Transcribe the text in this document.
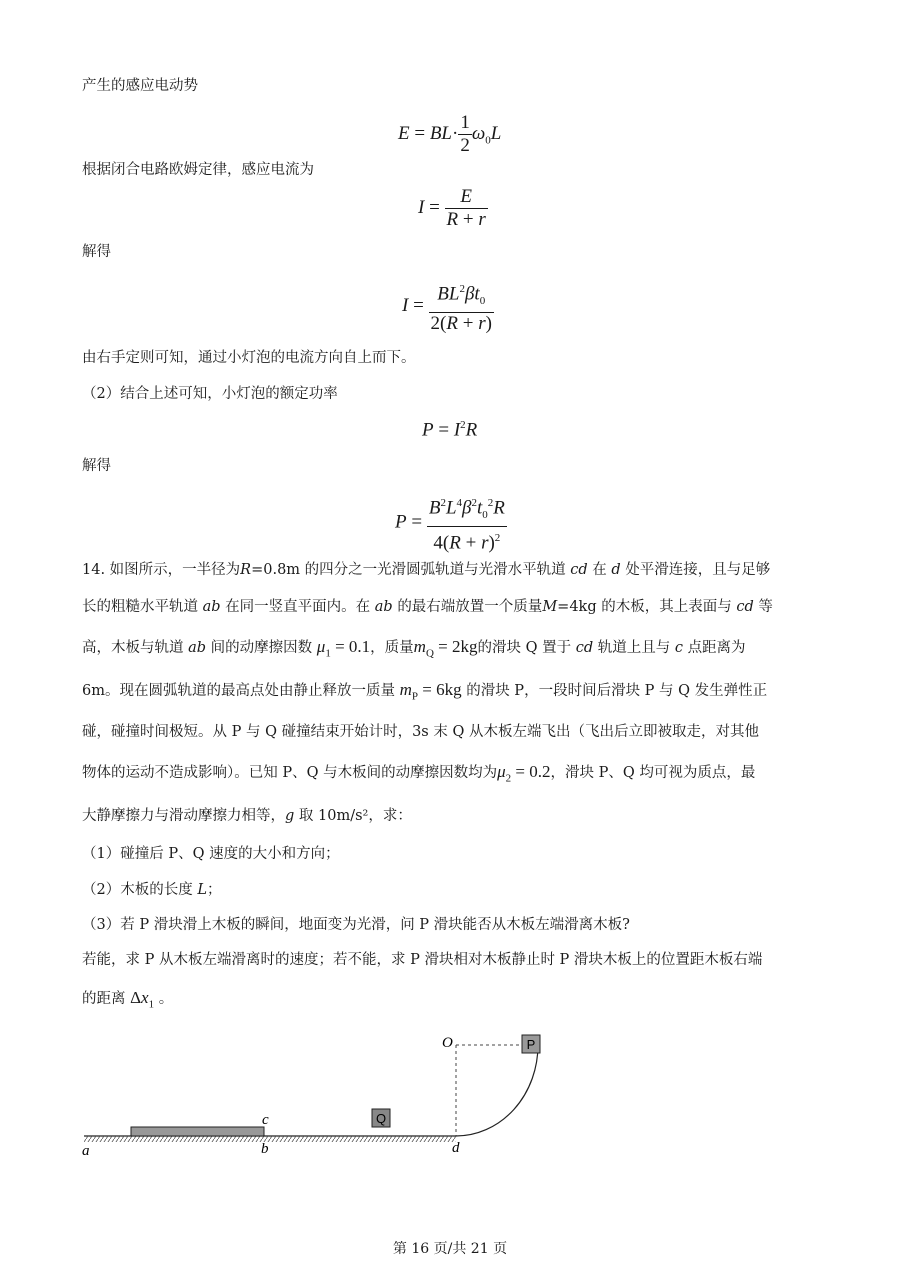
产生的感应电动势
$E = BL\cdot \frac{1}{2} \omega_0L$
根据闭合电路欧姆定律，感应电流为
$I = \frac{E}{R + r}$
解得
$I = \frac{BL^2\beta t_0}{2(R + r)}$
由右手定则可知，通过小灯泡的电流方向自上而下。
（2）结合上述可知，小灯泡的额定功率
$P = I^2R$
解得
$P = \frac{B^2L^4\beta^2t_0^2R}{4(R + r)^2}$
14. 如图所示，一半径为R=0.8m 的四分之一光滑圆弧轨道与光滑水平轨道 cd 在 d 处平滑连接，且与足够
长的粗糙水平轨道 ab 在同一竖直平面内。在 ab 的最右端放置一个质量M=4kg 的木板，其上表面与 cd 等
高，木板与轨道 ab 间的动摩擦因数 $\mu_1 = 0.1$，质量$m_Q = 2kg$的滑块 Q 置于 cd 轨道上且与 c 点距离为
6m。现在圆弧轨道的最高点处由静止释放一质量 $m_P = 6kg$ 的滑块 P，一段时间后滑块 P 与 Q 发生弹性正
碰，碰撞时间极短。从 P 与 Q 碰撞结束开始计时，3s 末 Q 从木板左端飞出（飞出后立即被取走，对其他
物体的运动不造成影响）。已知 P、Q 与木板间的动摩擦因数均为$\mu_2 = 0.2$，滑块 P、Q 均可视为质点，最
大静摩擦力与滑动摩擦力相等，g 取 10m/s²，求：
（1）碰撞后 P、Q 速度的大小和方向；
（2）木板的长度 L；
（3）若 P 滑块滑上木板的瞬间，地面变为光滑，问 P 滑块能否从木板左端滑离木板?
若能，求 P 从木板左端滑离时的速度；若不能，求 P 滑块相对木板静止时 P 滑块木板上的位置距木板右端
的距离 $\Delta x_1$ 。
Q
P
O
c
a	b	d
第 16 页/共 21 页
